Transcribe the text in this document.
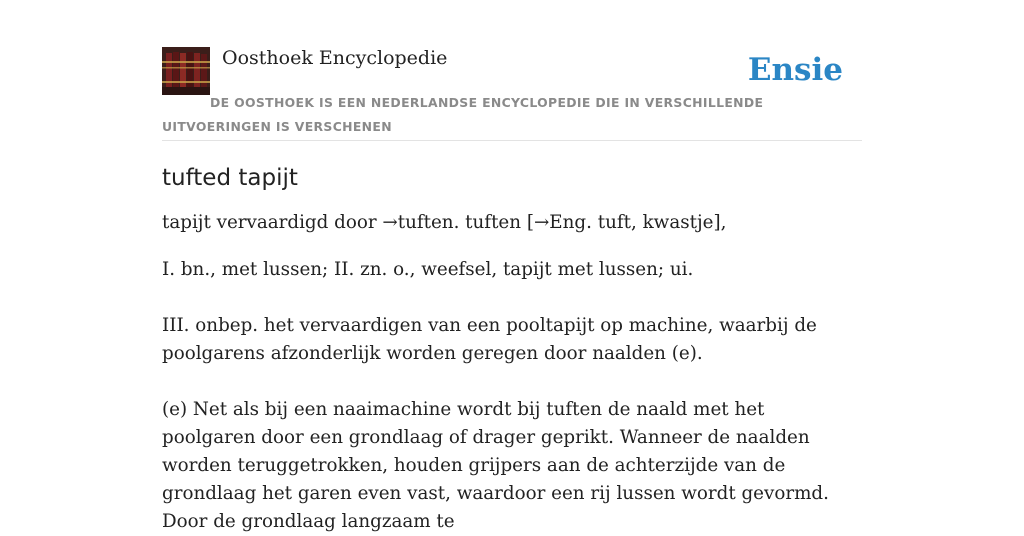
Oosthoek Encyclopedie	Ensie
DE OOSTHOEK IS EEN NEDERLANDSE ENCYCLOPEDIE DIE IN VERSCHILLENDE UITVOERINGEN IS VERSCHENEN
tufted tapijt

tapijt vervaardigd door →tuften. tuften [→Eng. tuft, kwastje],

I. bn., met lussen; II. zn. o., weefsel, tapijt met lussen; ui.

III. onbep. het vervaardigen van een pooltapijt op machine, waarbij de poolgarens afzonderlijk worden geregen door naalden (e).

(e) Net als bij een naaimachine wordt bij tuften de naald met het poolgaren door een grondlaag of drager geprikt. Wanneer de naalden worden teruggetrokken, houden grijpers aan de achterzijde van de grondlaag het garen even vast, waardoor een rij lussen wordt gevormd. Door de grondlaag langzaam te
